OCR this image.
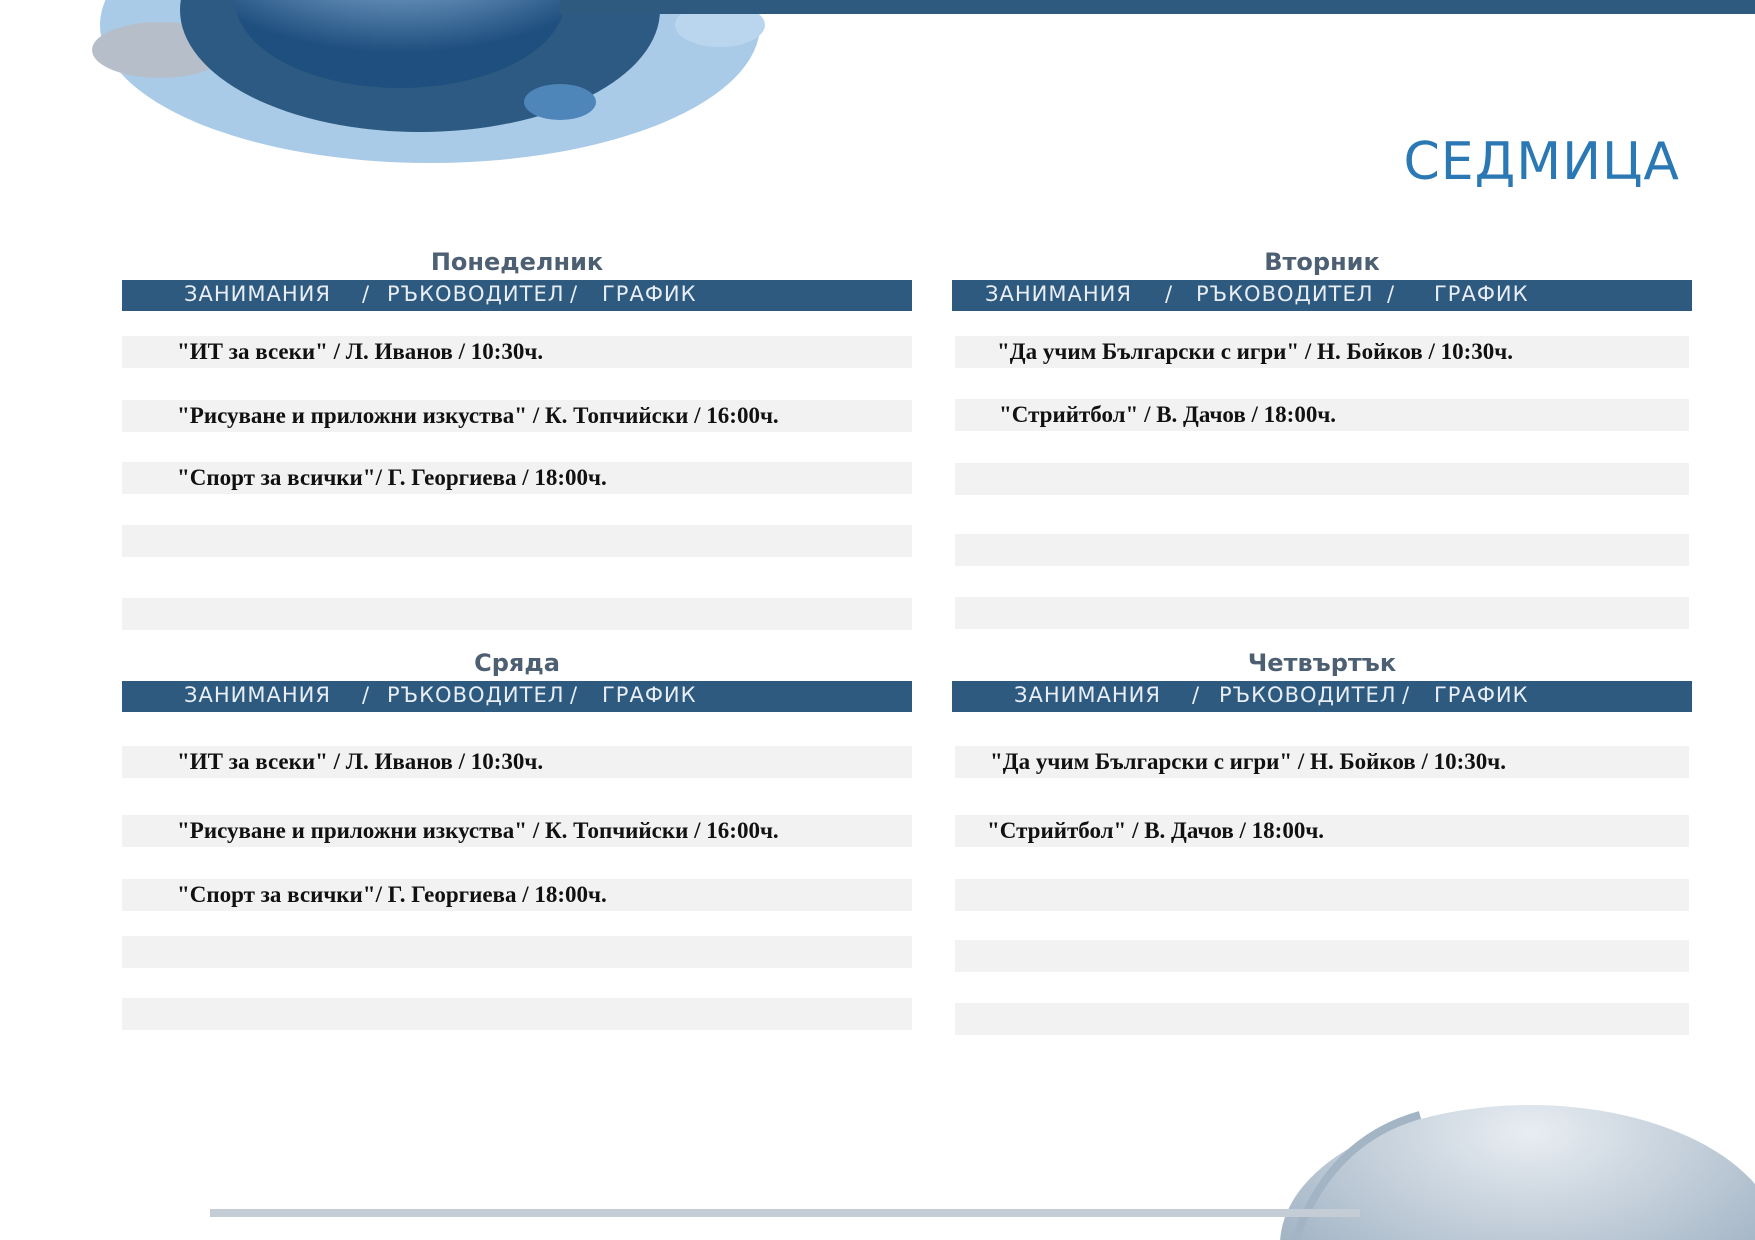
СЕДМИЦА
Понеделник
ЗАНИМАНИЯ / РЪКОВОДИТЕЛ / ГРАФИК
"ИТ за всеки" / Л. Иванов / 10:30ч.
"Рисуване и приложни изкуства" / К. Топчийски / 16:00ч.
"Спорт за всички"/ Г. Георгиева / 18:00ч.
Вторник
ЗАНИМАНИЯ / РЪКОВОДИТЕЛ / ГРАФИК
"Да учим Български с игри" / Н. Бойков / 10:30ч.
"Стрийтбол" / В. Дачов / 18:00ч.
Сряда
ЗАНИМАНИЯ / РЪКОВОДИТЕЛ / ГРАФИК
"ИТ за всеки" / Л. Иванов / 10:30ч.
"Рисуване и приложни изкуства" / К. Топчийски / 16:00ч.
"Спорт за всички"/ Г. Георгиева / 18:00ч.
Четвъртък
ЗАНИМАНИЯ / РЪКОВОДИТЕЛ / ГРАФИК
"Да учим Български с игри" / Н. Бойков / 10:30ч.
"Стрийтбол" / В. Дачов / 18:00ч.
